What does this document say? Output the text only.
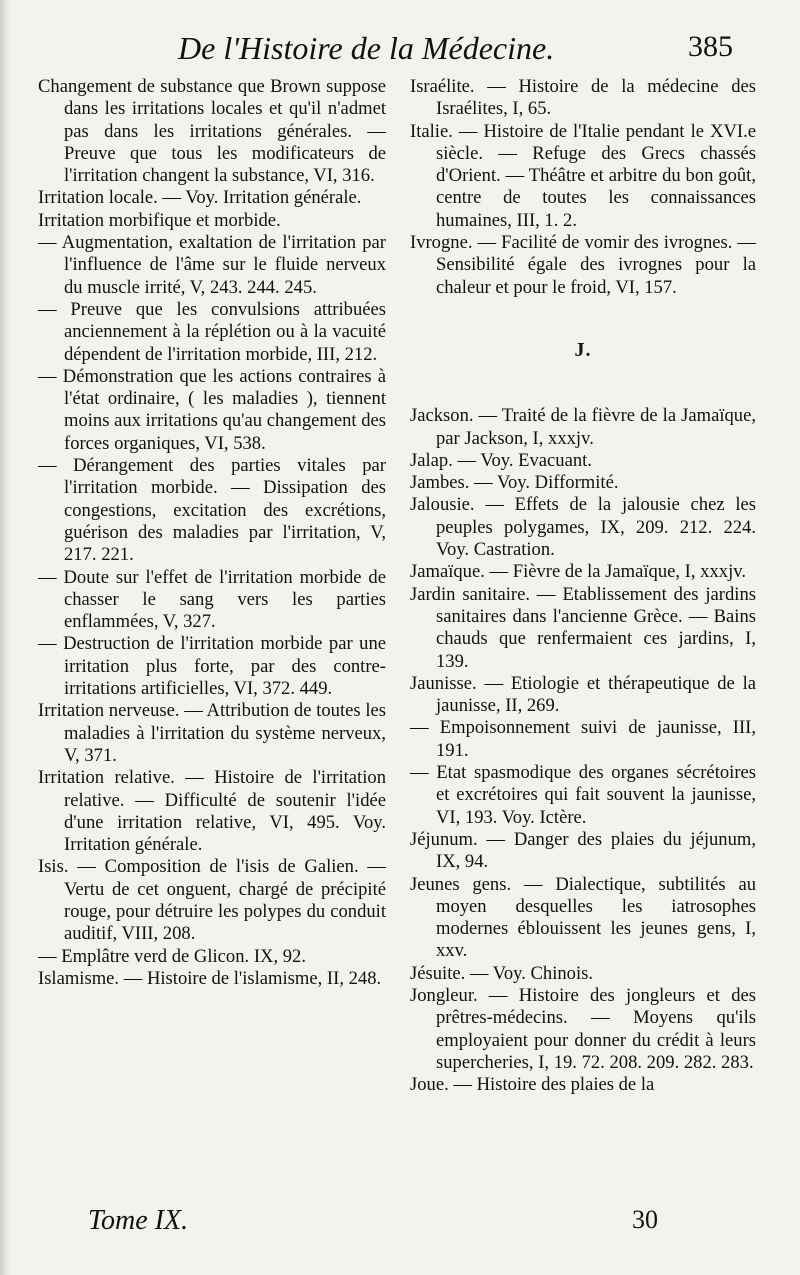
De l'Histoire de la Médecine.	385

Changement de substance que Brown suppose dans les irritations locales et qu'il n'admet pas dans les irritations générales. — Preuve que tous les modificateurs de l'irritation changent la substance, VI, 316.

Irritation locale. — Voy. Irritation générale.

Irritation morbifique et morbide.

— Augmentation, exaltation de l'irritation par l'influence de l'âme sur le fluide nerveux du muscle irrité, V, 243. 244. 245.

— Preuve que les convulsions attribuées anciennement à la réplétion ou à la vacuité dépendent de l'irritation morbide, III, 212.

— Démonstration que les actions contraires à l'état ordinaire, ( les maladies ), tiennent moins aux irritations qu'au changement des forces organiques, VI, 538.

— Dérangement des parties vitales par l'irritation morbide. — Dissipation des congestions, excitation des excrétions, guérison des maladies par l'irritation, V, 217. 221.

— Doute sur l'effet de l'irritation morbide de chasser le sang vers les parties enflammées, V, 327.

— Destruction de l'irritation morbide par une irritation plus forte, par des contre-irritations artificielles, VI, 372. 449.

Irritation nerveuse. — Attribution de toutes les maladies à l'irritation du système nerveux, V, 371.

Irritation relative. — Histoire de l'irritation relative. — Difficulté de soutenir l'idée d'une irritation relative, VI, 495. Voy. Irritation générale.

Isis. — Composition de l'isis de Galien. — Vertu de cet onguent, chargé de précipité rouge, pour détruire les polypes du conduit auditif, VIII, 208.

— Emplâtre verd de Glicon. IX, 92.

Islamisme. — Histoire de l'islamisme, II, 248.

Israélite. — Histoire de la médecine des Israélites, I, 65.

Italie. — Histoire de l'Italie pendant le XVI.e siècle. — Refuge des Grecs chassés d'Orient. — Théâtre et arbitre du bon goût, centre de toutes les connaissances humaines, III, 1. 2.

Ivrogne. — Facilité de vomir des ivrognes. — Sensibilité égale des ivrognes pour la chaleur et pour le froid, VI, 157.

J.

Jackson. — Traité de la fièvre de la Jamaïque, par Jackson, I, xxxjv.

Jalap. — Voy. Evacuant.

Jambes. — Voy. Difformité.

Jalousie. — Effets de la jalousie chez les peuples polygames, IX, 209. 212. 224. Voy. Castration.

Jamaïque. — Fièvre de la Jamaïque, I, xxxjv.

Jardin sanitaire. — Etablissement des jardins sanitaires dans l'ancienne Grèce. — Bains chauds que renfermaient ces jardins, I, 139.

Jaunisse. — Etiologie et thérapeutique de la jaunisse, II, 269.

— Empoisonnement suivi de jaunisse, III, 191.

— Etat spasmodique des organes sécrétoires et excrétoires qui fait souvent la jaunisse, VI, 193. Voy. Ictère.

Jéjunum. — Danger des plaies du jéjunum, IX, 94.

Jeunes gens. — Dialectique, subtilités au moyen desquelles les iatrosophes modernes éblouissent les jeunes gens, I, xxv.

Jésuite. — Voy. Chinois.

Jongleur. — Histoire des jongleurs et des prêtres-médecins. — Moyens qu'ils employaient pour donner du crédit à leurs supercheries, I, 19. 72. 208. 209. 282. 283.

Joue. — Histoire des plaies de la

Tome IX.	30
